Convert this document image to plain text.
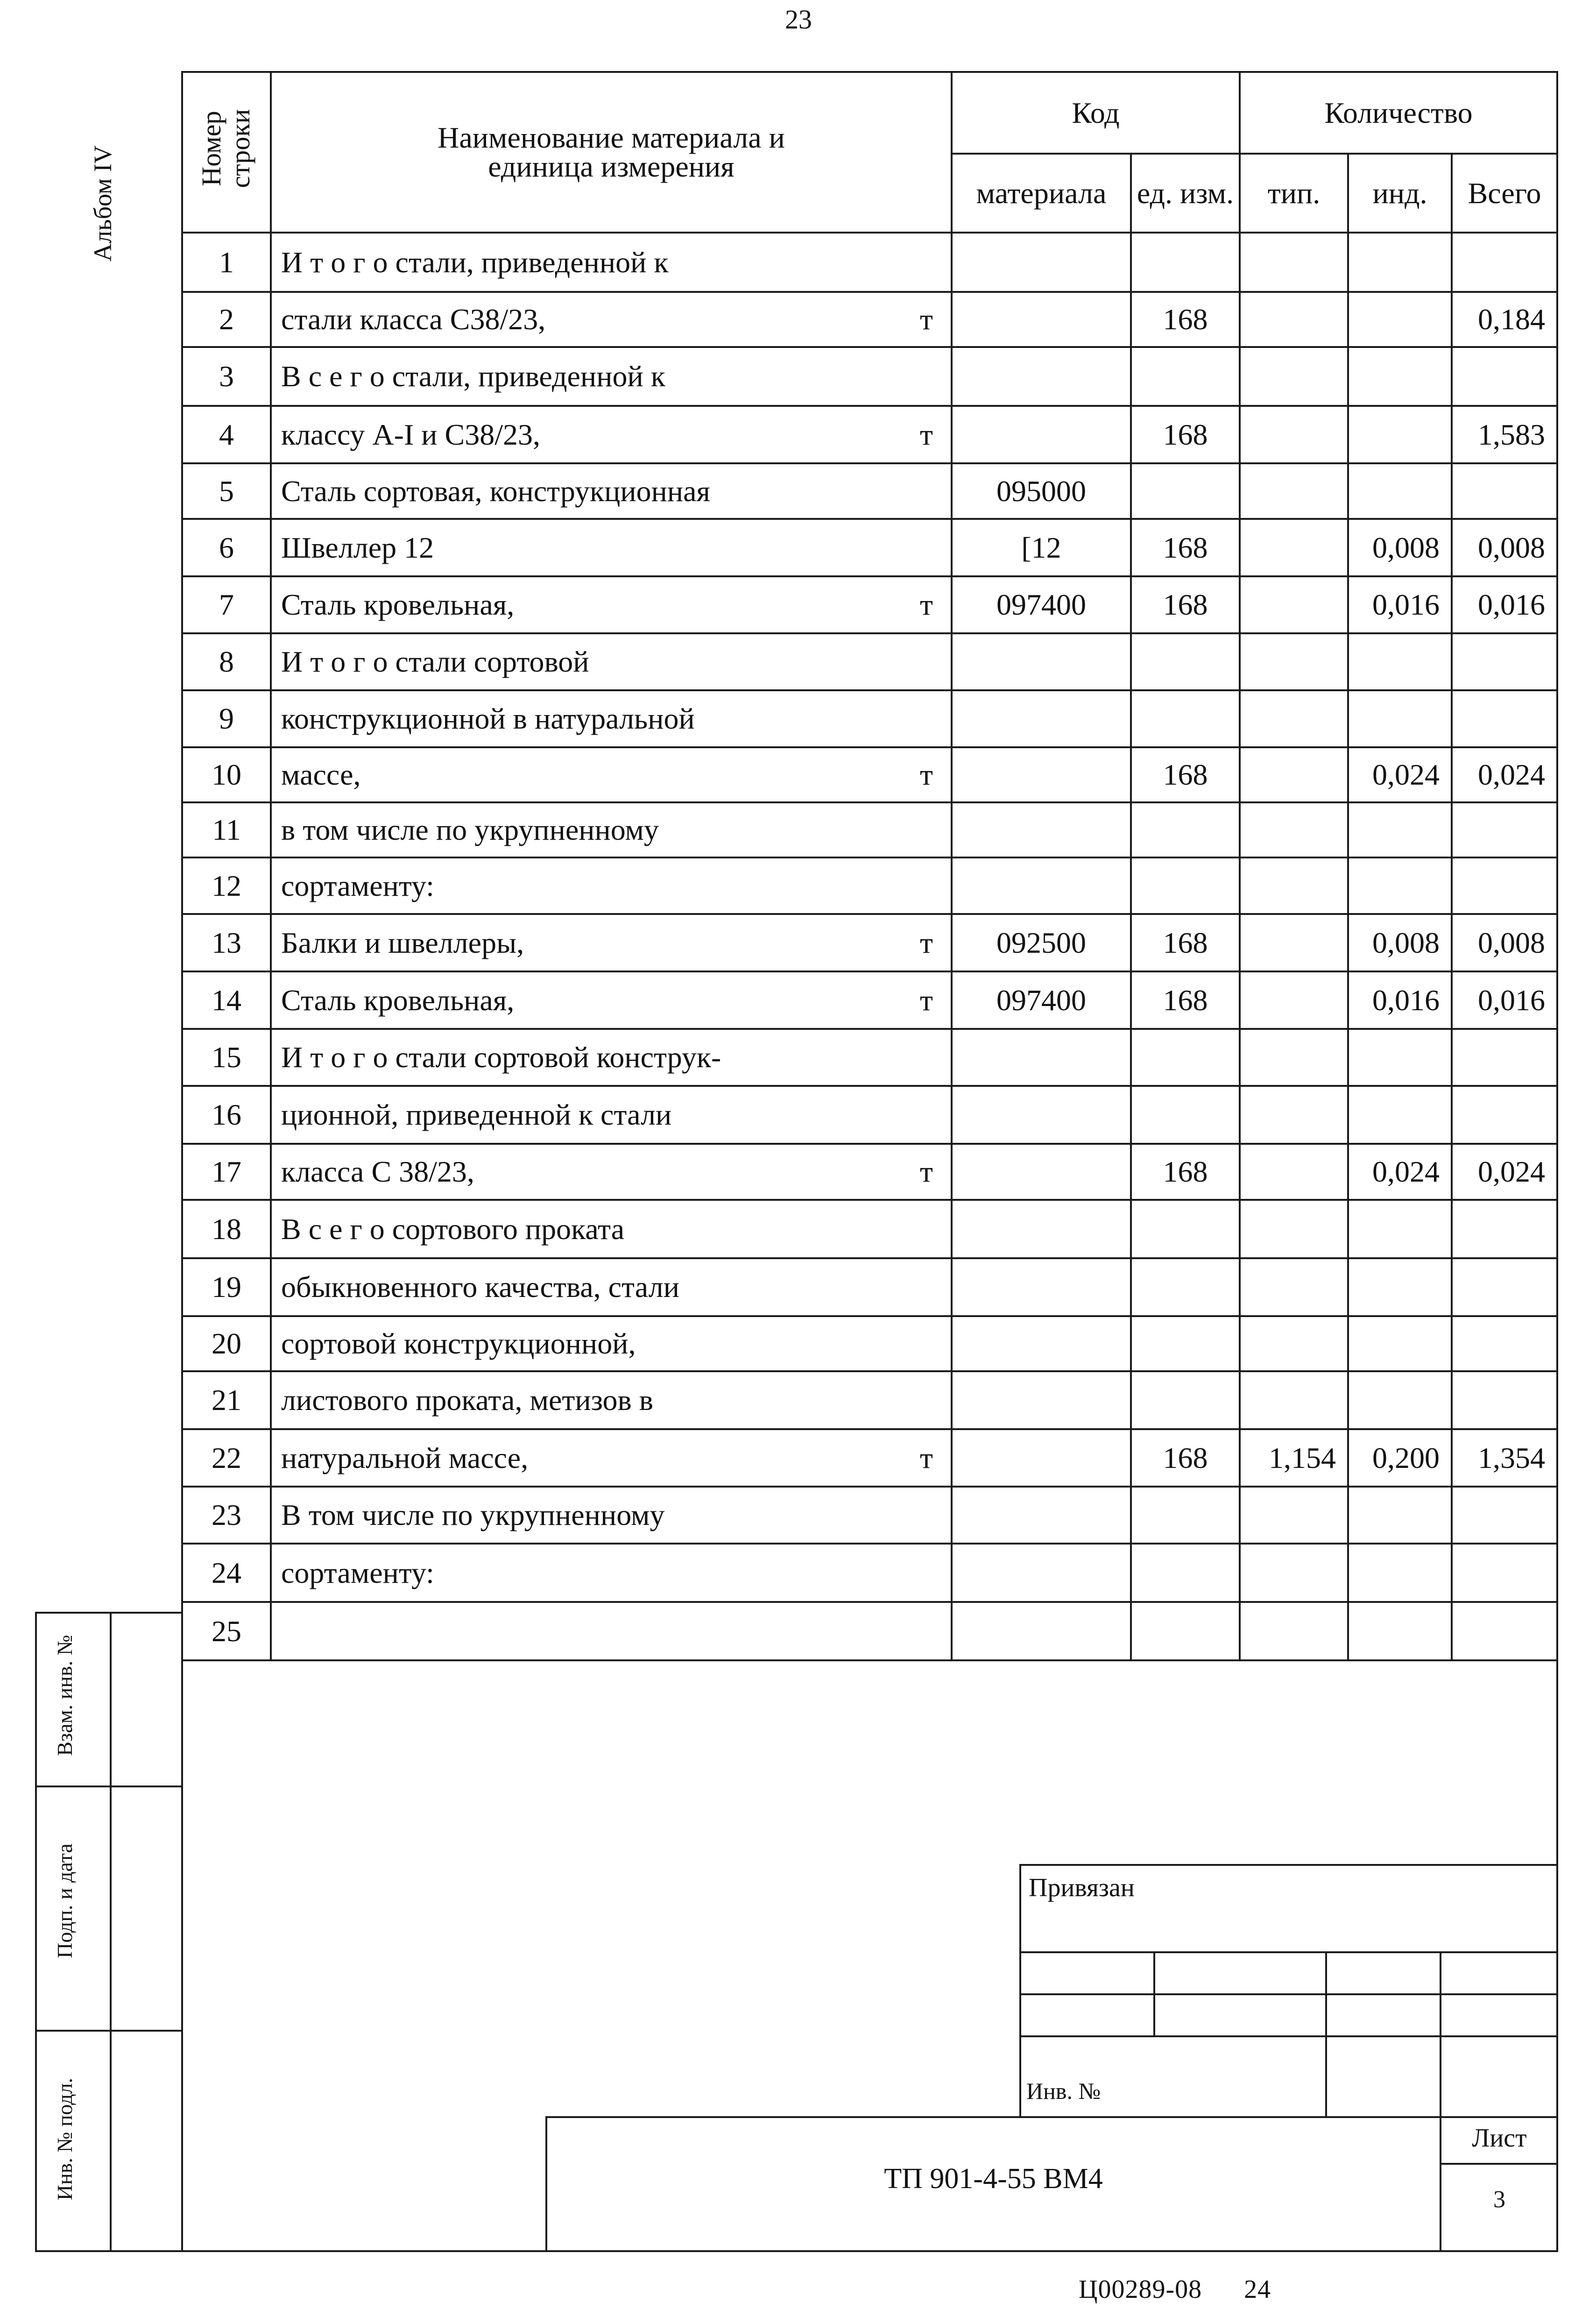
23
Альбом IV	Номер строки	Наименование материала и единица измерения	Код		Количество		
		материала	ед. изм.	тип.	инд.	Всего
1	И т о г о стали, приведенной к

2	стали класса С38/23, т		168			0,184
3	В с е г о стали, приведенной к

4	классу А-I и С38/23, т		168			1,583
5	Сталь сортовая, конструкционная	095000				
6	Швеллер 12	[12	168		0,008	0,008
7	Сталь кровельная, т	097400	168		0,016	0,016
8	И т о г о стали сортовой

9	конструкционной в натуральной

10	массе, т		168		0,024	0,024
11	в том числе по укрупненному

12	сортаменту:

13	Балки и швеллеры, т	092500	168		0,008	0,008
14	Сталь кровельная, т	097400	168		0,016	0,016
15	И т о г о стали сортовой конструк-

16	ционной, приведенной к стали

17	класса С 38/23, т		168		0,024	0,024
18	В с е г о сортового проката

19	обыкновенного качества, стали

20	сортовой конструкционной,

21	листового проката, метизов в

22	натуральной массе, т		168	1,154	0,200	1,354
23	В том числе по укрупненному

24	сортаменту:

25	

Взам. инв. №
Подп. и дата
Инв. № подл.
Привязан
Инв. №
ТП 901-4-55 ВМ4
Лист
3
Ц00289-08 24
